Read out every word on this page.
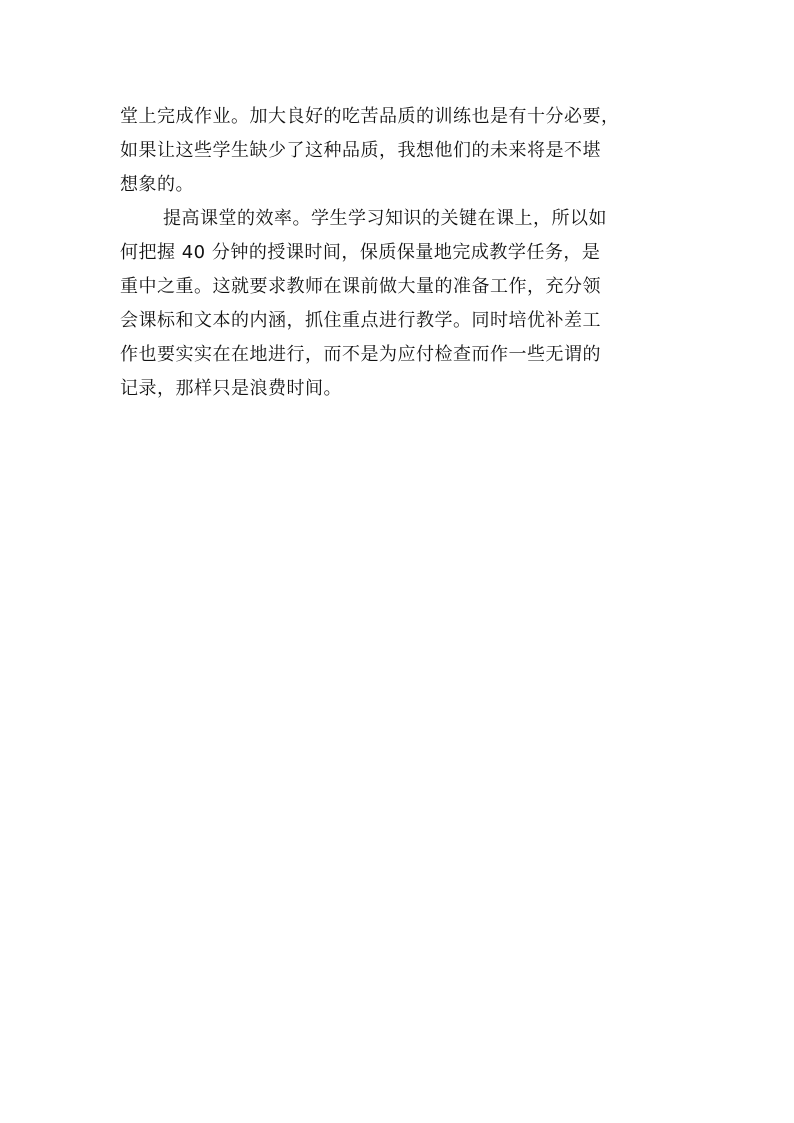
堂上完成作业。加大良好的吃苦品质的训练也是有十分必要，
如果让这些学生缺少了这种品质，我想他们的未来将是不堪
想象的。
提高课堂的效率。学生学习知识的关键在课上，所以如
何把握 40 分钟的授课时间，保质保量地完成教学任务，是
重中之重。这就要求教师在课前做大量的准备工作，充分领
会课标和文本的内涵，抓住重点进行教学。同时培优补差工
作也要实实在在地进行，而不是为应付检查而作一些无谓的
记录，那样只是浪费时间。
